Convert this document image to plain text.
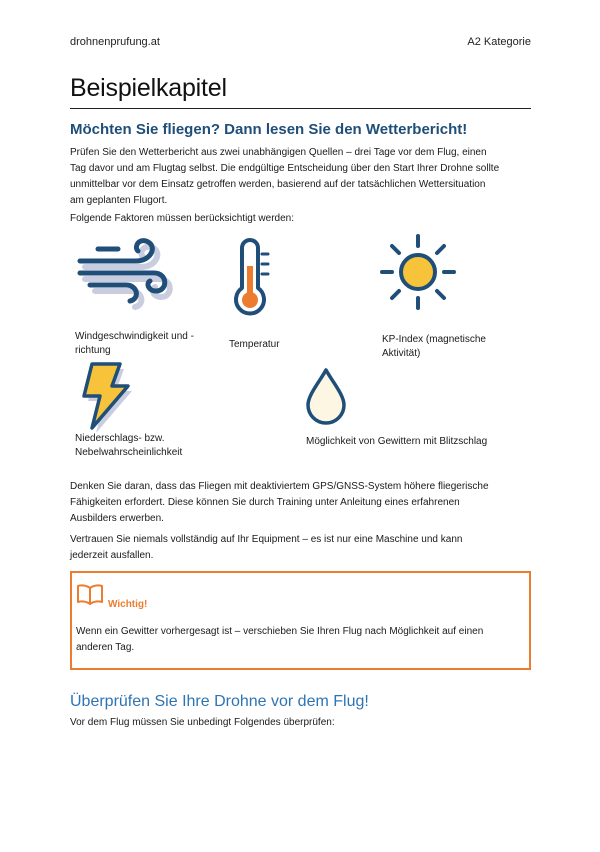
drohnenprufung.at	A2 Kategorie
Beispielkapitel
Möchten Sie fliegen? Dann lesen Sie den Wetterbericht!
Prüfen Sie den Wetterbericht aus zwei unabhängigen Quellen – drei Tage vor dem Flug, einen
Tag davor und am Flugtag selbst. Die endgültige Entscheidung über den Start Ihrer Drohne sollte
unmittelbar vor dem Einsatz getroffen werden, basierend auf der tatsächlichen Wettersituation
am geplanten Flugort.
Folgende Faktoren müssen berücksichtigt werden:
Windgeschwindigkeit und -
richtung	Temperatur	KP-Index (magnetische
Aktivität)
Niederschlags- bzw.
Nebelwahrscheinlichkeit
Möglichkeit von Gewittern mit Blitzschlag
Denken Sie daran, dass das Fliegen mit deaktiviertem GPS/GNSS-System höhere fliegerische
Fähigkeiten erfordert. Diese können Sie durch Training unter Anleitung eines erfahrenen
Ausbilders erwerben.
Vertrauen Sie niemals vollständig auf Ihr Equipment – es ist nur eine Maschine und kann
jederzeit ausfallen.
Wichtig!
Wenn ein Gewitter vorhergesagt ist – verschieben Sie Ihren Flug nach Möglichkeit auf einen
anderen Tag.
Überprüfen Sie Ihre Drohne vor dem Flug!
Vor dem Flug müssen Sie unbedingt Folgendes überprüfen:
